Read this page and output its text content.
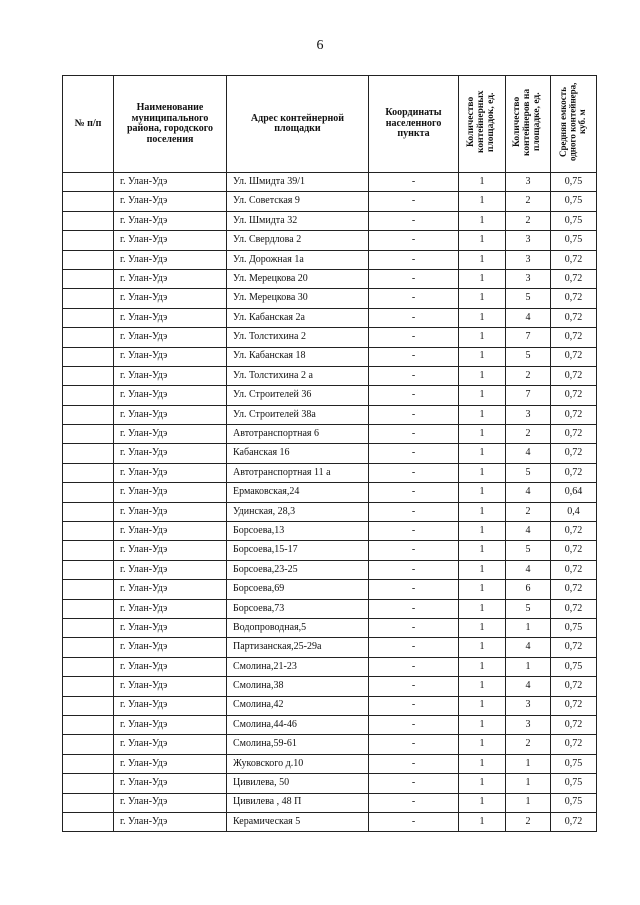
6
№ п/п	Наименование муниципального района, городского поселения	Адрес контейнерной площадки	Координаты населенного пункта	Количество контейнерных площадок, ед.	Количество контейнеров на площадке, ед.	Средняя емкость одного контейнера, куб. м
	г. Улан-Удэ	Ул. Шмидта 39/1	-	1	3	0,75
	г. Улан-Удэ	Ул. Советская 9	-	1	2	0,75
	г. Улан-Удэ	Ул. Шмидта 32	-	1	2	0,75
	г. Улан-Удэ	Ул. Свердлова 2	-	1	3	0,75
	г. Улан-Удэ	Ул. Дорожная 1а	-	1	3	0,72
	г. Улан-Удэ	Ул. Мерецкова 20	-	1	3	0,72
	г. Улан-Удэ	Ул. Мерецкова 30	-	1	5	0,72
	г. Улан-Удэ	Ул. Кабанская 2а	-	1	4	0,72
	г. Улан-Удэ	Ул. Толстихина 2	-	1	7	0,72
	г. Улан-Удэ	Ул. Кабанская 18	-	1	5	0,72
	г. Улан-Удэ	Ул. Толстихина 2 а	-	1	2	0,72
	г. Улан-Удэ	Ул. Строителей 36	-	1	7	0,72
	г. Улан-Удэ	Ул. Строителей 38а	-	1	3	0,72
	г. Улан-Удэ	Автотранспортная 6	-	1	2	0,72
	г. Улан-Удэ	Кабанская 16	-	1	4	0,72
	г. Улан-Удэ	Автотранспортная 11 а	-	1	5	0,72
	г. Улан-Удэ	Ермаковская,24	-	1	4	0,64
	г. Улан-Удэ	Удинская, 28,3	-	1	2	0,4
	г. Улан-Удэ	Борсоева,13	-	1	4	0,72
	г. Улан-Удэ	Борсоева,15-17	-	1	5	0,72
	г. Улан-Удэ	Борсоева,23-25	-	1	4	0,72
	г. Улан-Удэ	Борсоева,69	-	1	6	0,72
	г. Улан-Удэ	Борсоева,73	-	1	5	0,72
	г. Улан-Удэ	Водопроводная,5	-	1	1	0,75
	г. Улан-Удэ	Партизанская,25-29а	-	1	4	0,72
	г. Улан-Удэ	Смолина,21-23	-	1	1	0,75
	г. Улан-Удэ	Смолина,38	-	1	4	0,72
	г. Улан-Удэ	Смолина,42	-	1	3	0,72
	г. Улан-Удэ	Смолина,44-46	-	1	3	0,72
	г. Улан-Удэ	Смолина,59-61	-	1	2	0,72
	г. Улан-Удэ	Жуковского д.10	-	1	1	0,75
	г. Улан-Удэ	Цивилева, 50	-	1	1	0,75
	г. Улан-Удэ	Цивилева , 48 П	-	1	1	0,75
	г. Улан-Удэ	Керамическая 5	-	1	2	0,72
